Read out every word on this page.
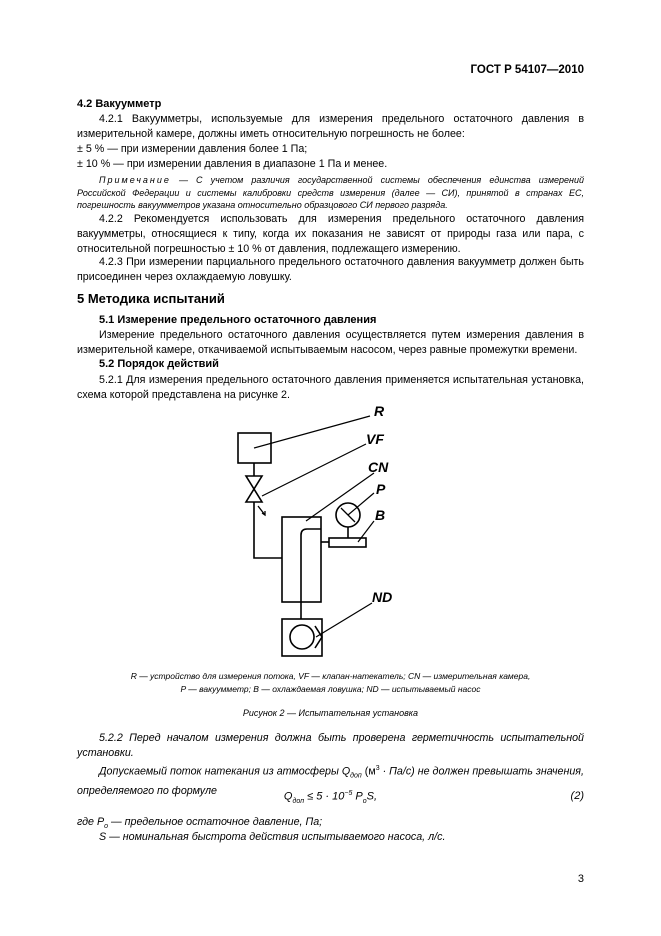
ГОСТ Р 54107—2010
4.2 Вакуумметр
4.2.1 Вакуумметры, используемые для измерения предельного остаточного давления в измерительной камере, должны иметь относительную погрешность не более:
± 5 % — при измерении давления более 1 Па;
± 10 % — при измерении давления в диапазоне 1 Па и менее.
Примечание — С учетом различия государственной системы обеспечения единства измерений Российской Федерации и системы калибровки средств измерения (далее — СИ), принятой в странах ЕС, погрешность вакуумметров указана относительно образцового СИ первого разряда.
4.2.2 Рекомендуется использовать для измерения предельного остаточного давления вакуумметры, относящиеся к типу, когда их показания не зависят от природы газа или пара, с относительной погрешностью ± 10 % от давления, подлежащего измерению.
4.2.3 При измерении парциального предельного остаточного давления вакуумметр должен быть присоединен через охлаждаемую ловушку.
5 Методика испытаний
5.1 Измерение предельного остаточного давления
Измерение предельного остаточного давления осуществляется путем измерения давления в измерительной камере, откачиваемой испытываемым насосом, через равные промежутки времени.
5.2 Порядок действий
5.2.1 Для измерения предельного остаточного давления применяется испытательная установка, схема которой представлена на рисунке 2.
R
VF
CN
P
B
ND
R — устройство для измерения потока, VF — клапан-натекатель; CN — измерительная камера,
P — вакуумметр; B — охлаждаемая ловушка; ND — испытываемый насос
Рисунок 2 — Испытательная установка
5.2.2 Перед началом измерения должна быть проверена герметичность испытательной установки.
Допускаемый поток натекания из атмосферы $Q_{доп}$ $(м^3 \cdot Па/с)$ не должен превышать значения, определяемого по формуле	$Q_{доп} \le 5 \cdot 10^{-5}$ $P_оS$,	(2)
где $P_о$ — предельное остаточное давление, Па;
S — номинальная быстрота действия испытываемого насоса, л/с.
3
